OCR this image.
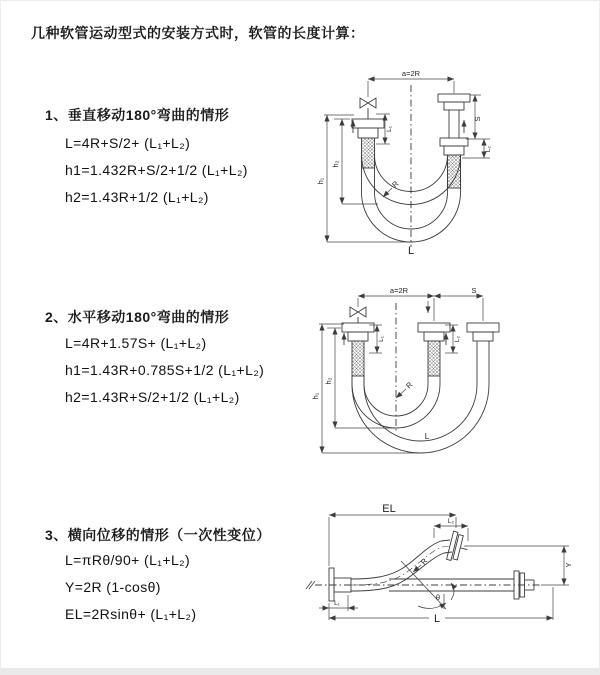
几种软管运动型式的安装方式时，软管的长度计算：
1、垂直移动180°弯曲的情形
L=4R+S/2+ (L₁+L₂)
h1=1.432R+S/2+1/2 (L₁+L₂)
h2=1.43R+1/2 (L₁+L₂)
2、水平移动180°弯曲的情形
L=4R+1.57S+ (L₁+L₂)
h1=1.43R+0.785S+1/2 (L₁+L₂)
h2=1.43R+S/2+1/2 (L₁+L₂)
3、横向位移的情形（一次性变位）
L=πRθ/90+ (L₁+L₂)
Y=2R (1-cosθ)
EL=2Rsinθ+ (L₁+L₂)
a=2R
h₁
h₂
S
L₂
L₁
R
L
a=2R	S
h₁
h₂
L₁	L₂
R
L
EL
L₂
Y
R
θ
L
L₁
